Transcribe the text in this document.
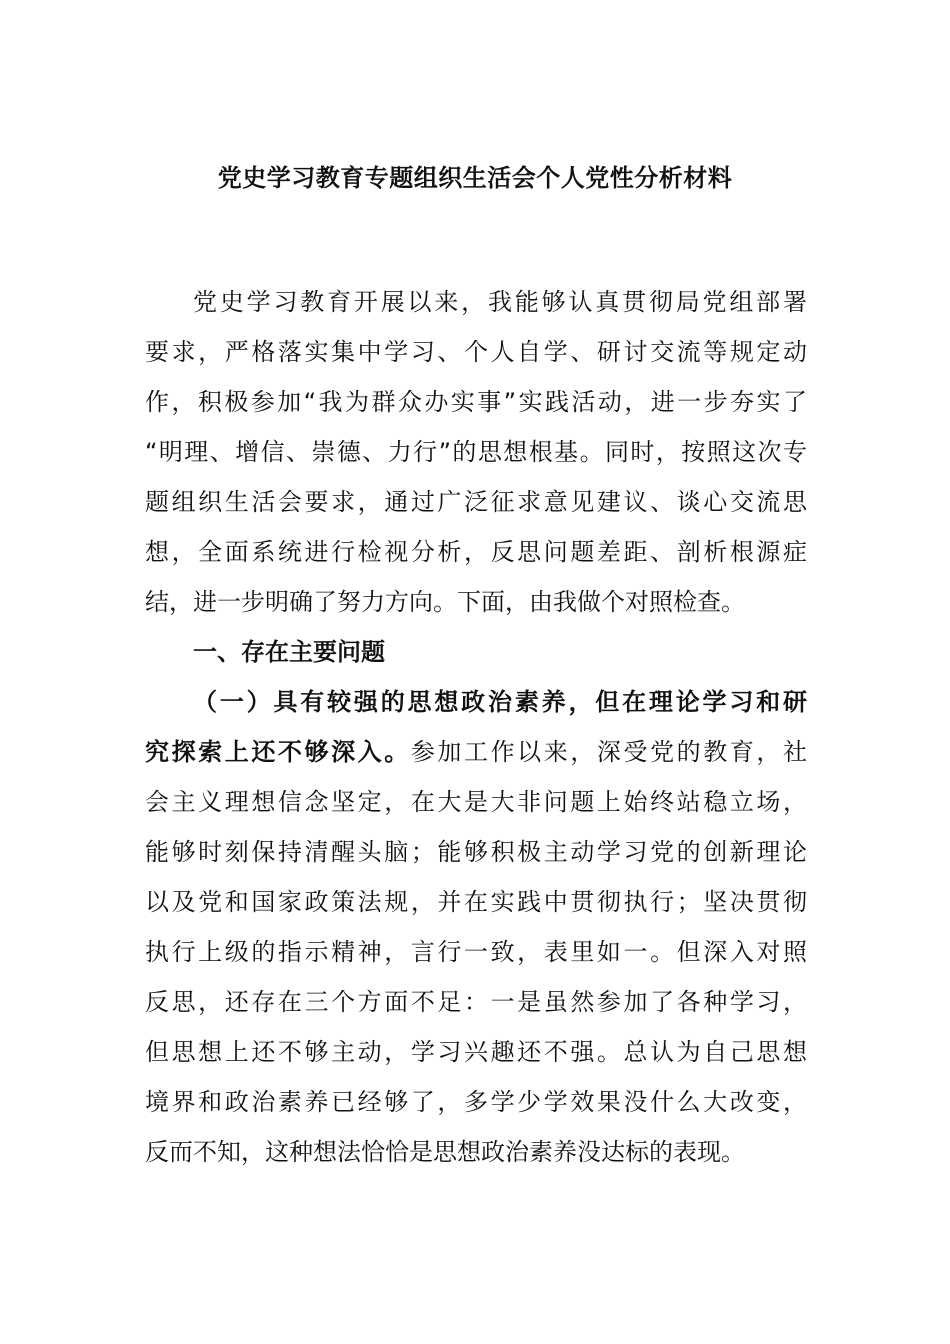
党史学习教育专题组织生活会个人党性分析材料
党史学习教育开展以来，我能够认真贯彻局党组部署
要求，严格落实集中学习、个人自学、研讨交流等规定动
作，积极参加“我为群众办实事”实践活动，进一步夯实了
“明理、增信、崇德、力行”的思想根基。同时，按照这次专
题组织生活会要求，通过广泛征求意见建议、谈心交流思
想，全面系统进行检视分析，反思问题差距、剖析根源症
结，进一步明确了努力方向。下面，由我做个对照检查。
一、存在主要问题
（一）具有较强的思想政治素养，但在理论学习和研
究探索上还不够深入。参加工作以来，深受党的教育，社
会主义理想信念坚定，在大是大非问题上始终站稳立场，
能够时刻保持清醒头脑；能够积极主动学习党的创新理论
以及党和国家政策法规，并在实践中贯彻执行；坚决贯彻
执行上级的指示精神，言行一致，表里如一。但深入对照
反思，还存在三个方面不足：一是虽然参加了各种学习，
但思想上还不够主动，学习兴趣还不强。总认为自己思想
境界和政治素养已经够了，多学少学效果没什么大改变，
反而不知，这种想法恰恰是思想政治素养没达标的表现。
